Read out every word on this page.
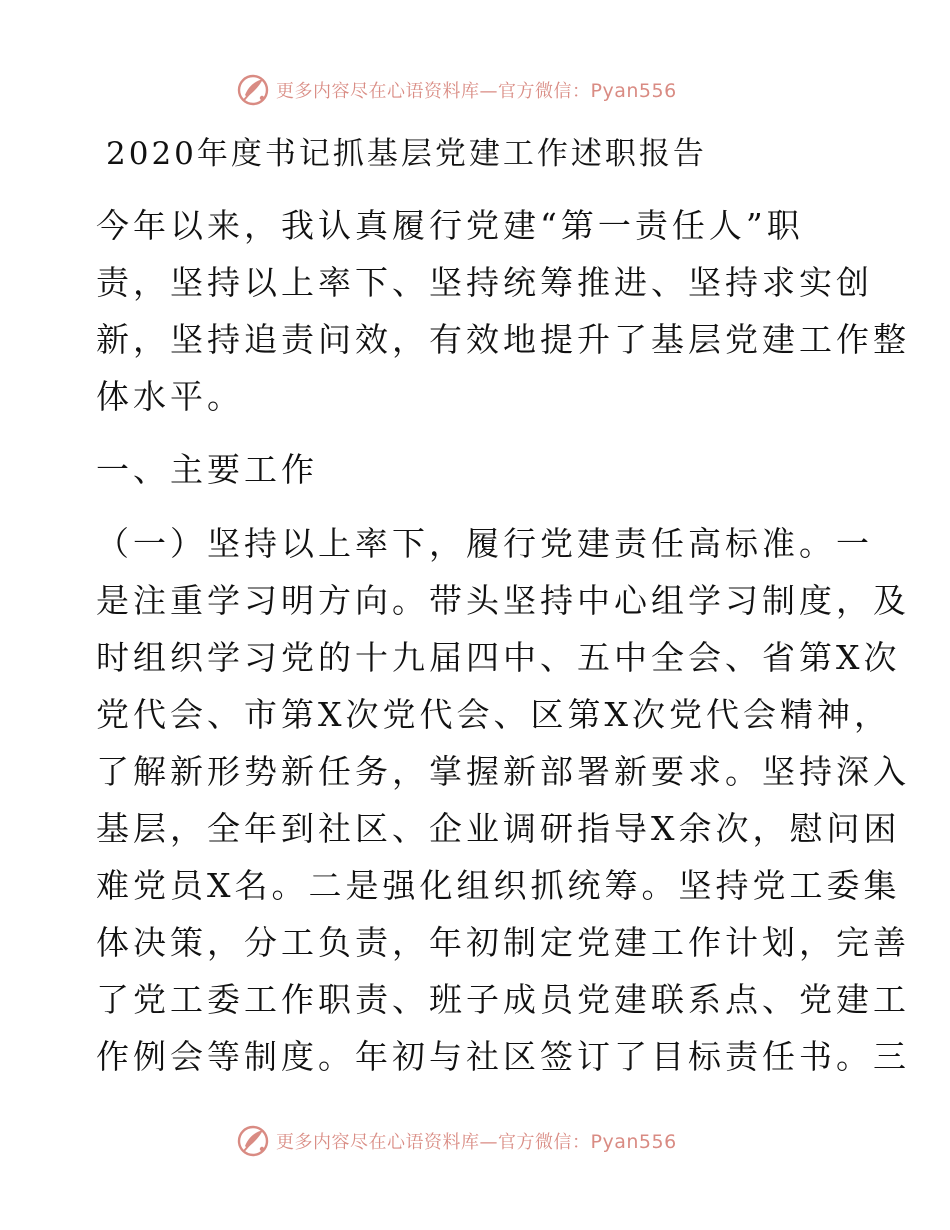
更多内容尽在心语资料库—官方微信：Pyan556
2020年度书记抓基层党建工作述职报告
今年以来，我认真履行党建“第一责任人”职
责，坚持以上率下、坚持统筹推进、坚持求实创
新，坚持追责问效，有效地提升了基层党建工作整
体水平。
一、主要工作
（一）坚持以上率下，履行党建责任高标准。一
是注重学习明方向。带头坚持中心组学习制度，及
时组织学习党的十九届四中、五中全会、省第X次
党代会、市第X次党代会、区第X次党代会精神，
了解新形势新任务，掌握新部署新要求。坚持深入
基层，全年到社区、企业调研指导X余次，慰问困
难党员X名。二是强化组织抓统筹。坚持党工委集
体决策，分工负责，年初制定党建工作计划，完善
了党工委工作职责、班子成员党建联系点、党建工
作例会等制度。年初与社区签订了目标责任书。三
更多内容尽在心语资料库—官方微信：Pyan556
